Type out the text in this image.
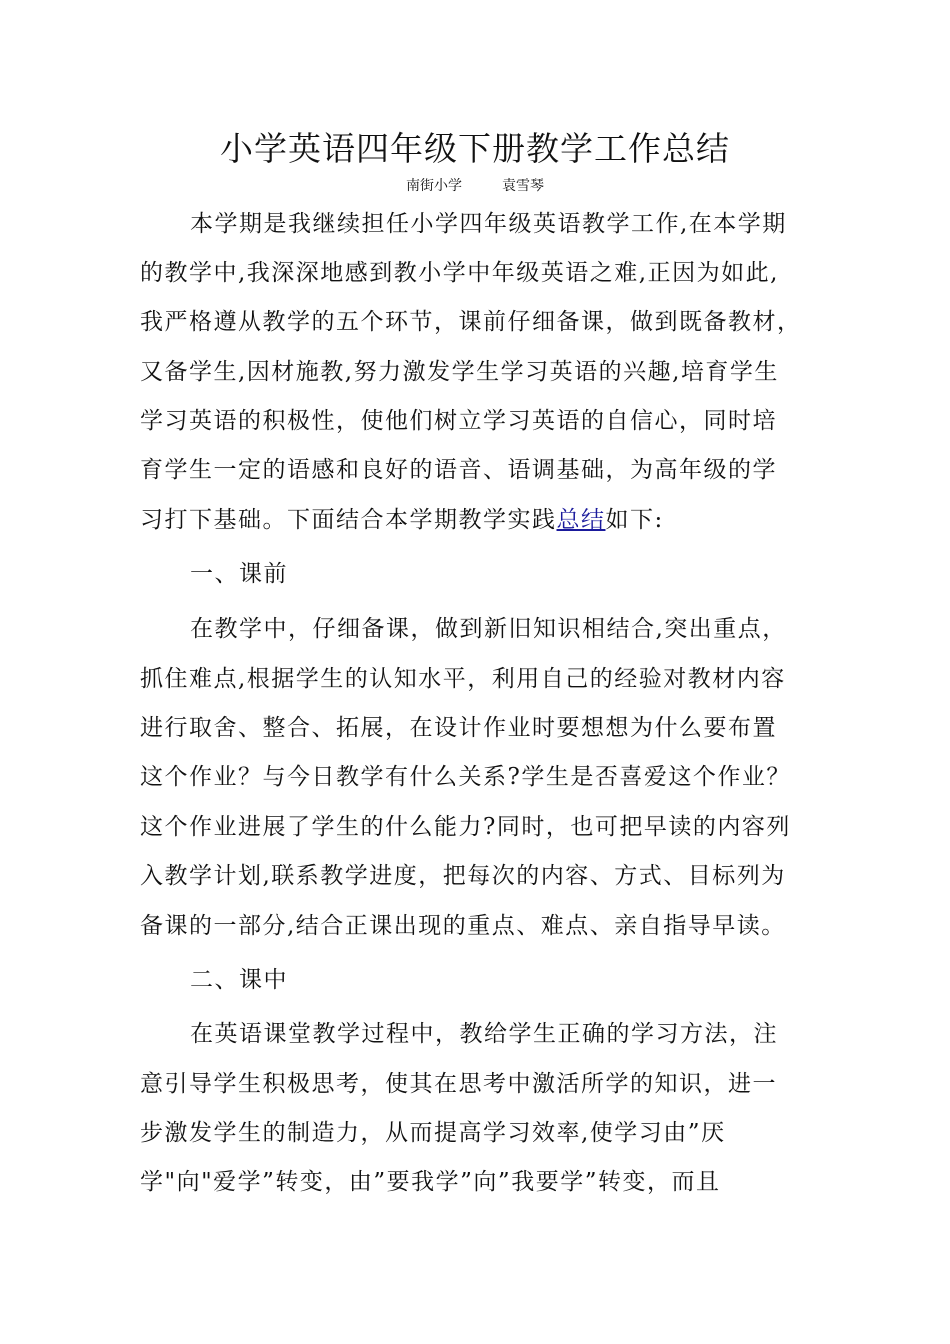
小学英语四年级下册教学工作总结
南街小学	袁雪琴
本学期是我继续担任小学四年级英语教学工作,在本学期
的教学中,我深深地感到教小学中年级英语之难,正因为如此,
我严格遵从教学的五个环节，课前仔细备课，做到既备教材，
又备学生,因材施教,努力激发学生学习英语的兴趣,培育学生
学习英语的积极性，使他们树立学习英语的自信心，同时培
育学生一定的语感和良好的语音、语调基础，为高年级的学
习打下基础。下面结合本学期教学实践总结如下:
一、课前
在教学中，仔细备课，做到新旧知识相结合,突出重点，
抓住难点,根据学生的认知水平，利用自己的经验对教材内容
进行取舍、整合、拓展，在设计作业时要想想为什么要布置
这个作业？与今日教学有什么关系?学生是否喜爱这个作业？
这个作业进展了学生的什么能力?同时，也可把早读的内容列
入教学计划,联系教学进度，把每次的内容、方式、目标列为
备课的一部分,结合正课出现的重点、难点、亲自指导早读。
二、课中
在英语课堂教学过程中，教给学生正确的学习方法，注
意引导学生积极思考，使其在思考中激活所学的知识，进一
步激发学生的制造力，从而提高学习效率,使学习由”厌
学"向"爱学”转变，由”要我学”向”我要学”转变，而且
